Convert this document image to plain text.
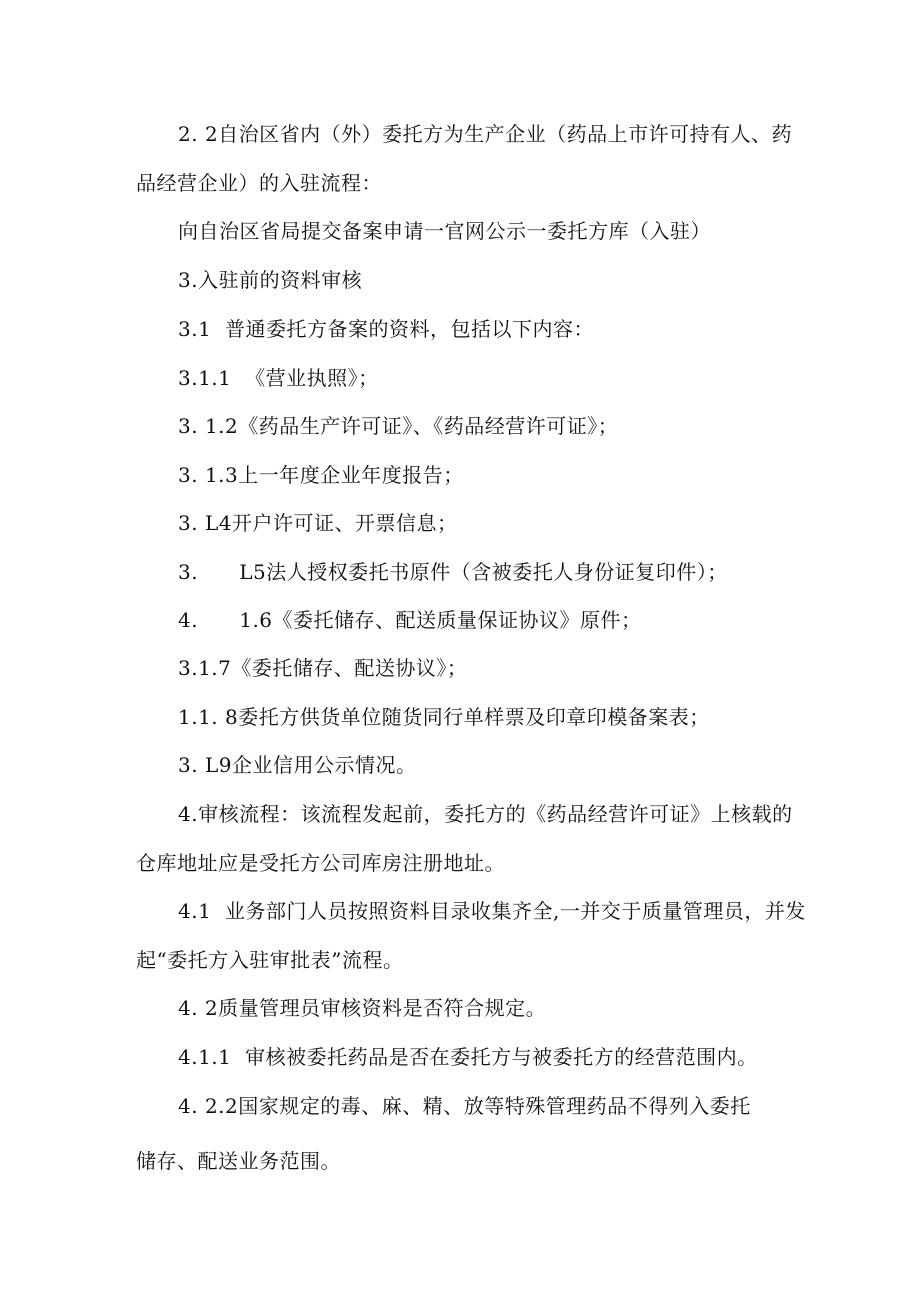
2. 2自治区省内（外）委托方为生产企业（药品上市许可持有人、药
品经营企业）的入驻流程：
向自治区省局提交备案申请一官网公示一委托方库（入驻）
3.入驻前的资料审核
3.1  普通委托方备案的资料，包括以下内容：
3.1.1  《营业执照》；
3. 1.2《药品生产许可证》、《药品经营许可证》；
3. 1.3上一年度企业年度报告；
3. L4开户许可证、开票信息；
3.      L5法人授权委托书原件（含被委托人身份证复印件）；
4.      1.6《委托储存、配送质量保证协议》原件；
3.1.7《委托储存、配送协议》；
1.1. 8委托方供货单位随货同行单样票及印章印模备案表；
3. L9企业信用公示情况。
4.审核流程：该流程发起前，委托方的《药品经营许可证》上核载的
仓库地址应是受托方公司库房注册地址。
4.1  业务部门人员按照资料目录收集齐全,一并交于质量管理员，并发
起“委托方入驻审批表”流程。
4. 2质量管理员审核资料是否符合规定。
4.1.1  审核被委托药品是否在委托方与被委托方的经营范围内。
4. 2.2国家规定的毒、麻、精、放等特殊管理药品不得列入委托
储存、配送业务范围。
